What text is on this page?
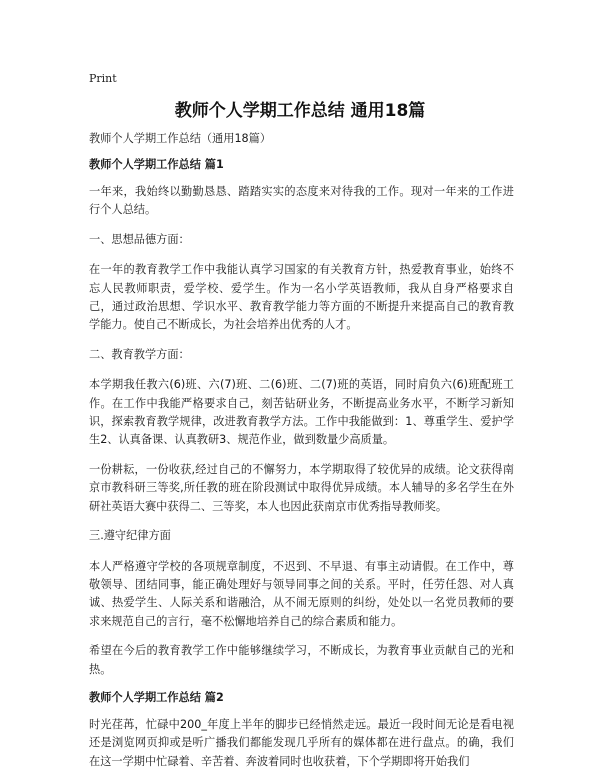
Print
教师个人学期工作总结 通用18篇
教师个人学期工作总结（通用18篇）
教师个人学期工作总结 篇1

一年来，我始终以勤勤恳恳、踏踏实实的态度来对待我的工作。现对一年来的工作进行个人总结。

一、思想品德方面：

在一年的教育教学工作中我能认真学习国家的有关教育方针，热爱教育事业，始终不忘人民教师职责，爱学校、爱学生。作为一名小学英语教师，我从自身严格要求自己，通过政治思想、学识水平、教育教学能力等方面的不断提升来提高自己的教育教学能力。使自己不断成长，为社会培养出优秀的人才。

二、教育教学方面：

本学期我任教六(6)班、六(7)班、二(6)班、二(7)班的英语，同时肩负六(6)班配班工作。在工作中我能严格要求自己，刻苦钻研业务，不断提高业务水平，不断学习新知识，探索教育教学规律，改进教育教学方法。工作中我能做到：1、尊重学生、爱护学生2、认真备课、认真教研3、规范作业，做到数量少高质量。

一份耕耘，一份收获,经过自己的不懈努力，本学期取得了较优异的成绩。论文获得南京市教科研三等奖,所任教的班在阶段测试中取得优异成绩。本人辅导的多名学生在外研社英语大赛中获得二、三等奖，本人也因此获南京市优秀指导教师奖。

三.遵守纪律方面

本人严格遵守学校的各项规章制度，不迟到、不早退、有事主动请假。在工作中，尊敬领导、团结同事，能正确处理好与领导同事之间的关系。平时，任劳任怨、对人真诚、热爱学生、人际关系和谐融洽，从不闹无原则的纠纷，处处以一名党员教师的要求来规范自己的言行，毫不松懈地培养自己的综合素质和能力。

希望在今后的教育教学工作中能够继续学习，不断成长，为教育事业贡献自己的光和热。

教师个人学期工作总结 篇2

时光荏苒，忙碌中200_年度上半年的脚步已经悄然走远。最近一段时间无论是看电视还是浏览网页抑或是听广播我们都能发现几乎所有的媒体都在进行盘点。的确，我们在这一学期中忙碌着、辛苦着、奔波着同时也收获着，下个学期即将开始我们
